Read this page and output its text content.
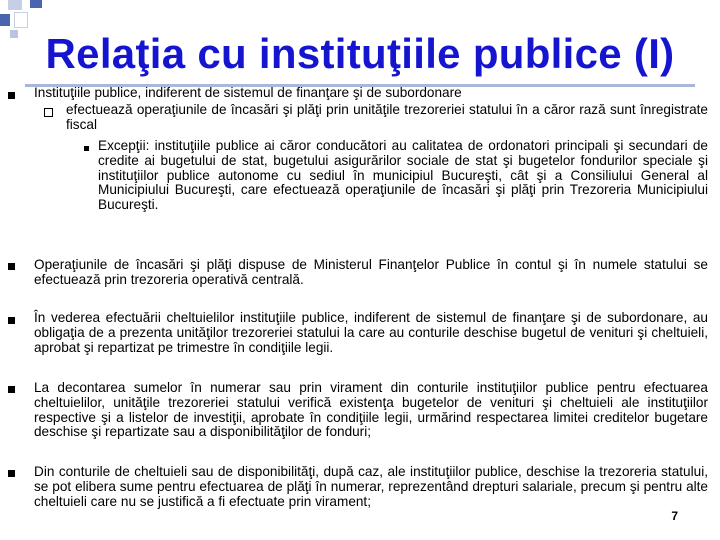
Relaţia cu instituţiile publice (I)
Instituţiile publice, indiferent de sistemul de finanţare şi de subordonare
efectuează operaţiunile de încasări şi plăţi prin unităţile trezoreriei statului în a căror rază sunt înregistrate fiscal
Excepţii: instituţiile publice ai căror conducători au calitatea de ordonatori principali şi secundari de credite ai bugetului de stat, bugetului asigurărilor sociale de stat şi bugetelor fondurilor speciale şi instituţiilor publice autonome cu sediul în municipiul Bucureşti, cât şi a Consiliului General al Municipiului Bucureşti, care efectuează operaţiunile de încasări şi plăţi prin Trezoreria Municipiului Bucureşti.
Operaţiunile de încasări şi plăţi dispuse de Ministerul Finanţelor Publice în contul şi în numele statului se efectuează prin trezoreria operativă centrală.
În vederea efectuării cheltuielilor instituţiile publice, indiferent de sistemul de finanţare şi de subordonare, au obligaţia de a prezenta unităţilor trezoreriei statului la care au conturile deschise bugetul de venituri şi cheltuieli, aprobat şi repartizat pe trimestre în condiţiile legii.
La decontarea sumelor în numerar sau prin virament din conturile instituţiilor publice pentru efectuarea cheltuielilor, unităţile trezoreriei statului verifică existenţa bugetelor de venituri şi cheltuieli ale instituţiilor respective şi a listelor de investiţii, aprobate în condiţiile legii, urmărind respectarea limitei creditelor bugetare deschise şi repartizate sau a disponibilităţilor de fonduri;
Din conturile de cheltuieli sau de disponibilităţi, după caz, ale instituţiilor publice, deschise la trezoreria statului, se pot elibera sume pentru efectuarea de plăţi în numerar, reprezentând drepturi salariale, precum şi pentru alte cheltuieli care nu se justifică a fi efectuate prin virament;
7
